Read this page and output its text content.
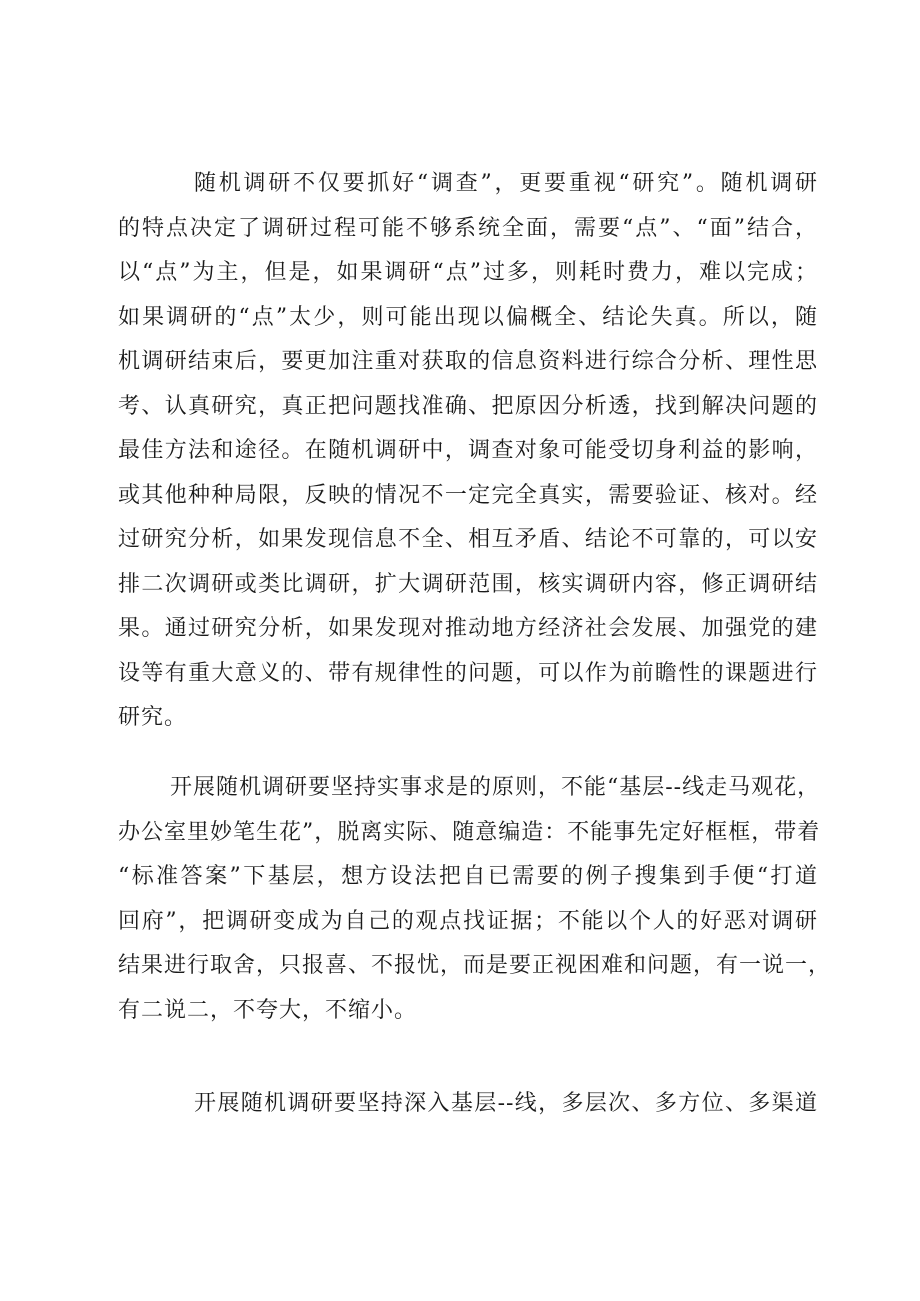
随机调研不仅要抓好“调查”，更要重视“研究”。随机调研
的特点决定了调研过程可能不够系统全面，需要“点”、“面”结合，
以“点”为主，但是，如果调研“点”过多，则耗时费力，难以完成；
如果调研的“点”太少，则可能出现以偏概全、结论失真。所以，随
机调研结束后，要更加注重对获取的信息资料进行综合分析、理性思
考、认真研究，真正把问题找准确、把原因分析透，找到解决问题的
最佳方法和途径。在随机调研中，调查对象可能受切身利益的影响，
或其他种种局限，反映的情况不一定完全真实，需要验证、核对。经
过研究分析，如果发现信息不全、相互矛盾、结论不可靠的，可以安
排二次调研或类比调研，扩大调研范围，核实调研内容，修正调研结
果。通过研究分析，如果发现对推动地方经济社会发展、加强党的建
设等有重大意义的、带有规律性的问题，可以作为前瞻性的课题进行
研究。
开展随机调研要坚持实事求是的原则，不能“基层--线走马观花，
办公室里妙笔生花”，脱离实际、随意编造：不能事先定好框框，带着
“标准答案”下基层，想方设法把自已需要的例子搜集到手便“打道
回府”，把调研变成为自己的观点找证据；不能以个人的好恶对调研
结果进行取舍，只报喜、不报忧，而是要正视困难和问题，有一说一，
有二说二，不夸大，不缩小。
开展随机调研要坚持深入基层--线，多层次、多方位、多渠道
